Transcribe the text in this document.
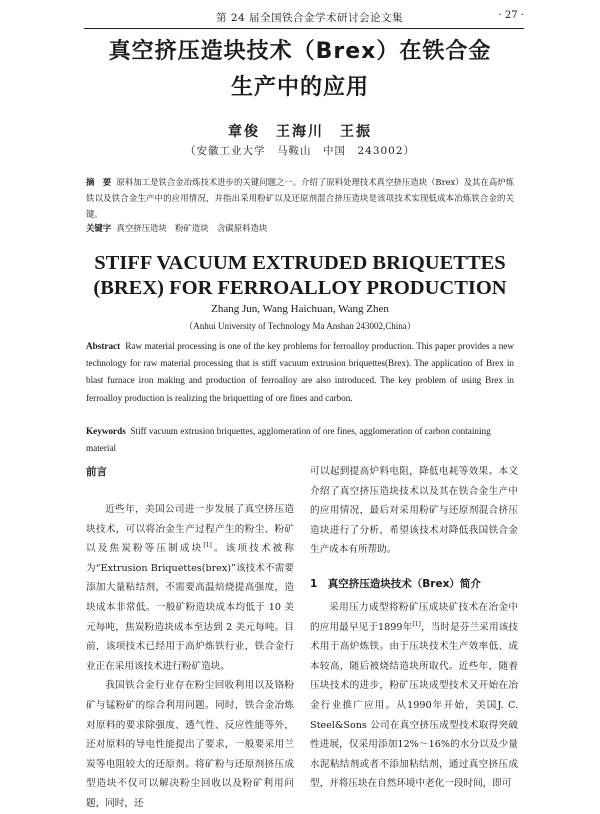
第 24 届全国铁合金学术研讨会论文集	· 27 ·
真空挤压造块技术（Brex）在铁合金
生产中的应用
章俊　王海川　王振
（安徽工业大学　马鞍山　中国　243002）
摘　要 原料加工是铁合金冶炼技术进步的关键问题之一。介绍了原料处理技术真空挤压造块（Brex）及其在高炉炼铁以及铁合金生产中的应用情况，并指出采用粉矿以及还原剂混合挤压造块是该项技术实现低成本冶炼铁合金的关键。
关键字 真空挤压造块　粉矿造块　含碳原料造块
STIFF VACUUM EXTRUDED BRIQUETTES
(BREX) FOR FERROALLOY PRODUCTION
Zhang Jun, Wang Haichuan, Wang Zhen
（Anhui University of Technology Ma Anshan 243002,China）
Abstract Raw material processing is one of the key problems for ferroalloy production. This paper provides a new technology for raw material processing that is stiff vacuum extrusion briquettes(Brex). The application of Brex in blast furnace iron making and production of ferroalloy are also introduced. The key problem of using Brex in ferroalloy production is realizing the briquetting of ore fines and carbon.
Keywords Stiff vacuum extrusion briquettes, agglomeration of ore fines, agglomeration of carbon containing material
前言

近些年，美国公司进一步发展了真空挤压造块技术，可以将冶金生产过程产生的粉尘、粉矿以及焦炭粉等压制成块[1]。该项技术被称为“Extrusion Briquettes(brex)”该技术不需要添加大量粘结剂，不需要高温焙烧提高强度，造块成本非常低。一般矿粉造块成本均低于 10 美元每吨，焦炭粉造块成本至达到 2 美元每吨。目前，该项技术已经用于高炉炼铁行业，铁合金行业正在采用该技术进行粉矿造块。

我国铁合金行业存在粉尘回收利用以及铬粉矿与锰粉矿的综合利用问题。同时，铁合金冶炼对原料的要求除强度、透气性、反应性能等外，还对原料的导电性能提出了要求，一般要采用兰炭等电阻较大的还原剂。将矿粉与还原剂挤压成型造块不仅可以解决粉尘回收以及粉矿利用问题，同时，还

可以起到提高炉料电阻，降低电耗等效果。本文介绍了真空挤压造块技术以及其在铁合金生产中的应用情况，最后对采用粉矿与还原剂混合挤压造块进行了分析，希望该技术对降低我国铁合金生产成本有所帮助。

1　真空挤压造块技术（Brex）简介

采用压力成型将粉矿压成块矿技术在冶金中的应用最早见于1899年[1]，当时是芬兰采用该技术用于高炉炼铁。由于压块技术生产效率低、成本较高，随后被烧结造块所取代。近些年，随着压块技术的进步，粉矿压块成型技术又开始在冶金行业推广应用。从1990年开始，美国J. C. Steel&Sons 公司在真空挤压成型技术取得突破性进展，仅采用添加12%～16%的水分以及少量水泥粘结剂或者不添加粘结剂，通过真空挤压成型，并将压块在自然环境中老化一段时间，即可
